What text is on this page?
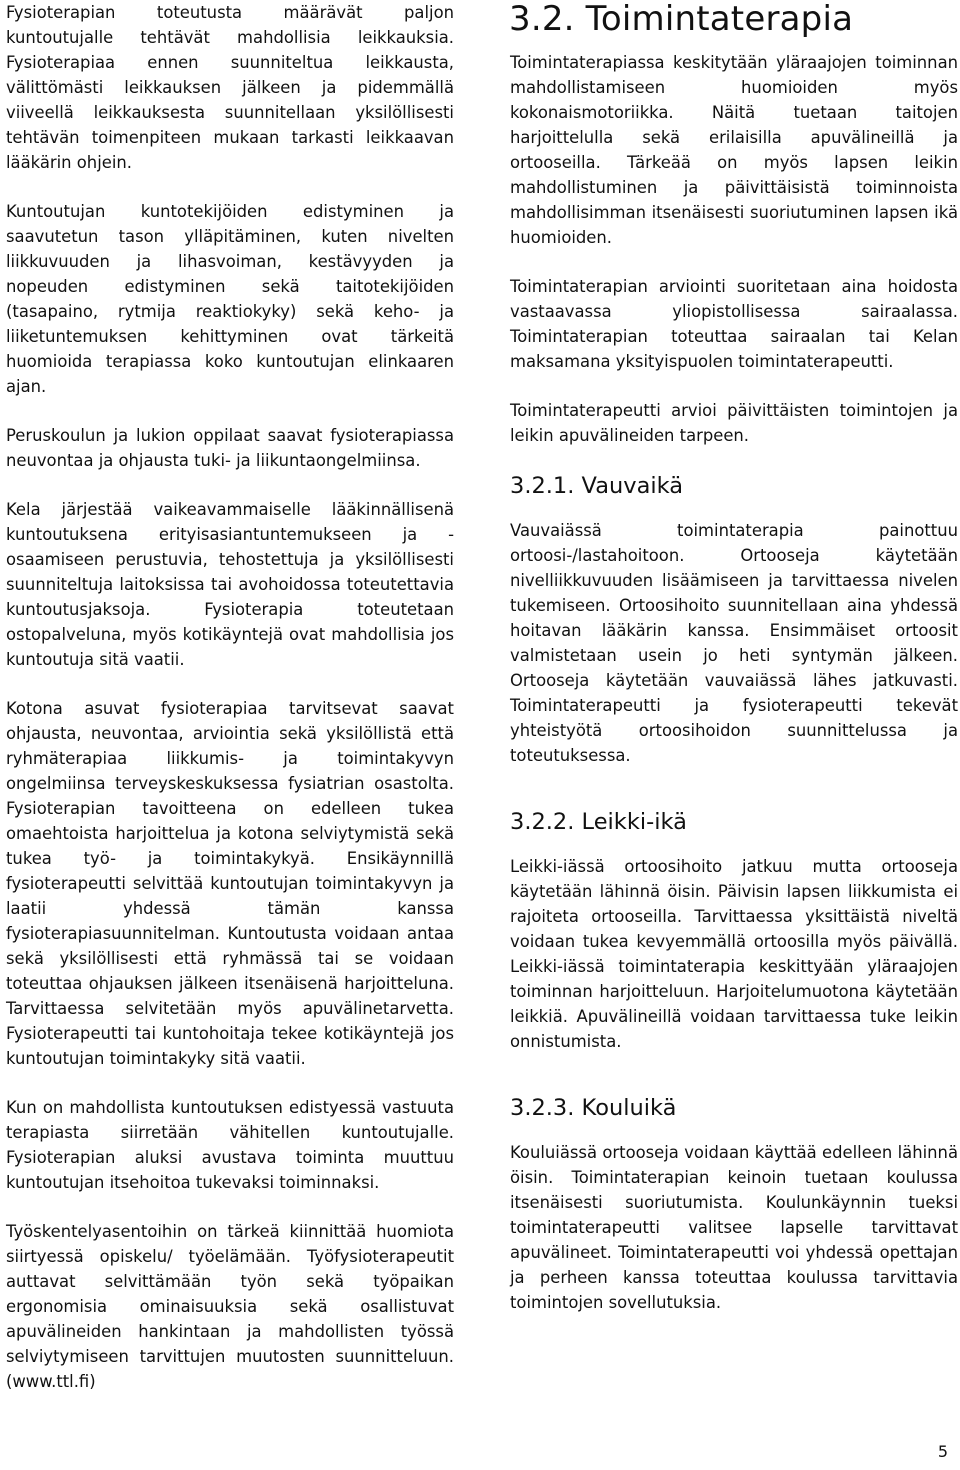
Fysioterapian toteutusta määrävät paljon kuntoutujalle tehtävät mahdollisia leikkauksia. Fysioterapiaa ennen suunniteltua leikkausta, välittömästi leikkauksen jälkeen ja pidemmällä viiveellä leikkauksesta suunnitellaan yksilöllisesti tehtävän toimenpiteen mukaan tarkasti leikkaavan lääkärin ohjein.

Kuntoutujan kuntotekijöiden edistyminen ja saavutetun tason ylläpitäminen, kuten nivelten liikkuvuuden ja lihasvoiman, kestävyyden ja nopeuden edistyminen sekä taitotekijöiden (tasapaino, rytmija reaktiokyky) sekä keho- ja liiketuntemuksen kehittyminen ovat tärkeitä huomioida terapiassa koko kuntoutujan elinkaaren ajan.

Peruskoulun ja lukion oppilaat saavat fysioterapiassa neuvontaa ja ohjausta tuki- ja liikuntaongelmiinsa.

Kela järjestää vaikeavammaiselle lääkinnällisenä kuntoutuksena erityisasiantuntemukseen ja -osaamiseen perustuvia, tehostettuja ja yksilöllisesti suunniteltuja laitoksissa tai avohoidossa toteutettavia kuntoutusjaksoja. Fysioterapia toteutetaan ostopalveluna, myös kotikäyntejä ovat mahdollisia jos kuntoutuja sitä vaatii.

Kotona asuvat fysioterapiaa tarvitsevat saavat ohjausta, neuvontaa, arviointia sekä yksilöllistä että ryhmäterapiaa liikkumis- ja toimintakyvyn ongelmiinsa terveyskeskuksessa fysiatrian osastolta. Fysioterapian tavoitteena on edelleen tukea omaehtoista harjoittelua ja kotona selviytymistä sekä tukea työ- ja toimintakykyä. Ensikäynnillä fysioterapeutti selvittää kuntoutujan toimintakyvyn ja laatii yhdessä tämän kanssa fysioterapiasuunnitelman. Kuntoutusta voidaan antaa sekä yksilöllisesti että ryhmässä tai se voidaan toteuttaa ohjauksen jälkeen itsenäisenä harjoitteluna. Tarvittaessa selvitetään myös apuvälinetarvetta. Fysioterapeutti tai kuntohoitaja tekee kotikäyntejä jos kuntoutujan toimintakyky sitä vaatii.

Kun on mahdollista kuntoutuksen edistyessä vastuuta terapiasta siirretään vähitellen kuntoutujalle. Fysioterapian aluksi avustava toiminta muuttuu kuntoutujan itsehoitoa tukevaksi toiminnaksi.

Työskentelyasentoihin on tärkeä kiinnittää huomiota siirtyessä opiskelu/ työelämään. Työfysioterapeutit auttavat selvittämään työn sekä työpaikan ergonomisia ominaisuuksia sekä osallistuvat apuvälineiden hankintaan ja mahdollisten työssä selviytymiseen tarvittujen muutosten suunnitteluun. (www.ttl.fi)

3.2. Toimintaterapia

Toimintaterapiassa keskitytään yläraajojen toiminnan mahdollistamiseen huomioiden myös kokonaismotoriikka. Näitä tuetaan taitojen harjoittelulla sekä erilaisilla apuvälineillä ja ortooseilla. Tärkeää on myös lapsen leikin mahdollistuminen ja päivittäisistä toiminnoista mahdollisimman itsenäisesti suoriutuminen lapsen ikä huomioiden.

Toimintaterapian arviointi suoritetaan aina hoidosta vastaavassa yliopistollisessa sairaalassa. Toimintaterapian toteuttaa sairaalan tai Kelan maksamana yksityispuolen toimintaterapeutti.

Toimintaterapeutti arvioi päivittäisten toimintojen ja leikin apuvälineiden tarpeen.

3.2.1. Vauvaikä

Vauvaiässä toimintaterapia painottuu ortoosi-/lastahoitoon. Ortooseja käytetään nivelliikkuvuuden lisäämiseen ja tarvittaessa nivelen tukemiseen. Ortoosihoito suunnitellaan aina yhdessä hoitavan lääkärin kanssa. Ensimmäiset ortoosit valmistetaan usein jo heti syntymän jälkeen. Ortooseja käytetään vauvaiässä lähes jatkuvasti. Toimintaterapeutti ja fysioterapeutti tekevät yhteistyötä ortoosihoidon suunnittelussa ja toteutuksessa.

3.2.2. Leikki-ikä

Leikki-iässä ortoosihoito jatkuu mutta ortooseja käytetään lähinnä öisin. Päivisin lapsen liikkumista ei rajoiteta ortooseilla. Tarvittaessa yksittäistä niveltä voidaan tukea kevyemmällä ortoosilla myös päivällä. Leikki-iässä toimintaterapia keskittyään yläraajojen toiminnan harjoitteluun. Harjoitelumuotona käytetään leikkiä. Apuvälineillä voidaan tarvittaessa tuke leikin onnistumista.

3.2.3. Kouluikä

Kouluiässä ortooseja voidaan käyttää edelleen lähinnä öisin. Toimintaterapian keinoin tuetaan koulussa itsenäisesti suoriutumista. Koulunkäynnin tueksi toimintaterapeutti valitsee lapselle tarvittavat apuvälineet. Toimintaterapeutti voi yhdessä opettajan ja perheen kanssa toteuttaa koulussa tarvittavia toimintojen sovellutuksia.

5
